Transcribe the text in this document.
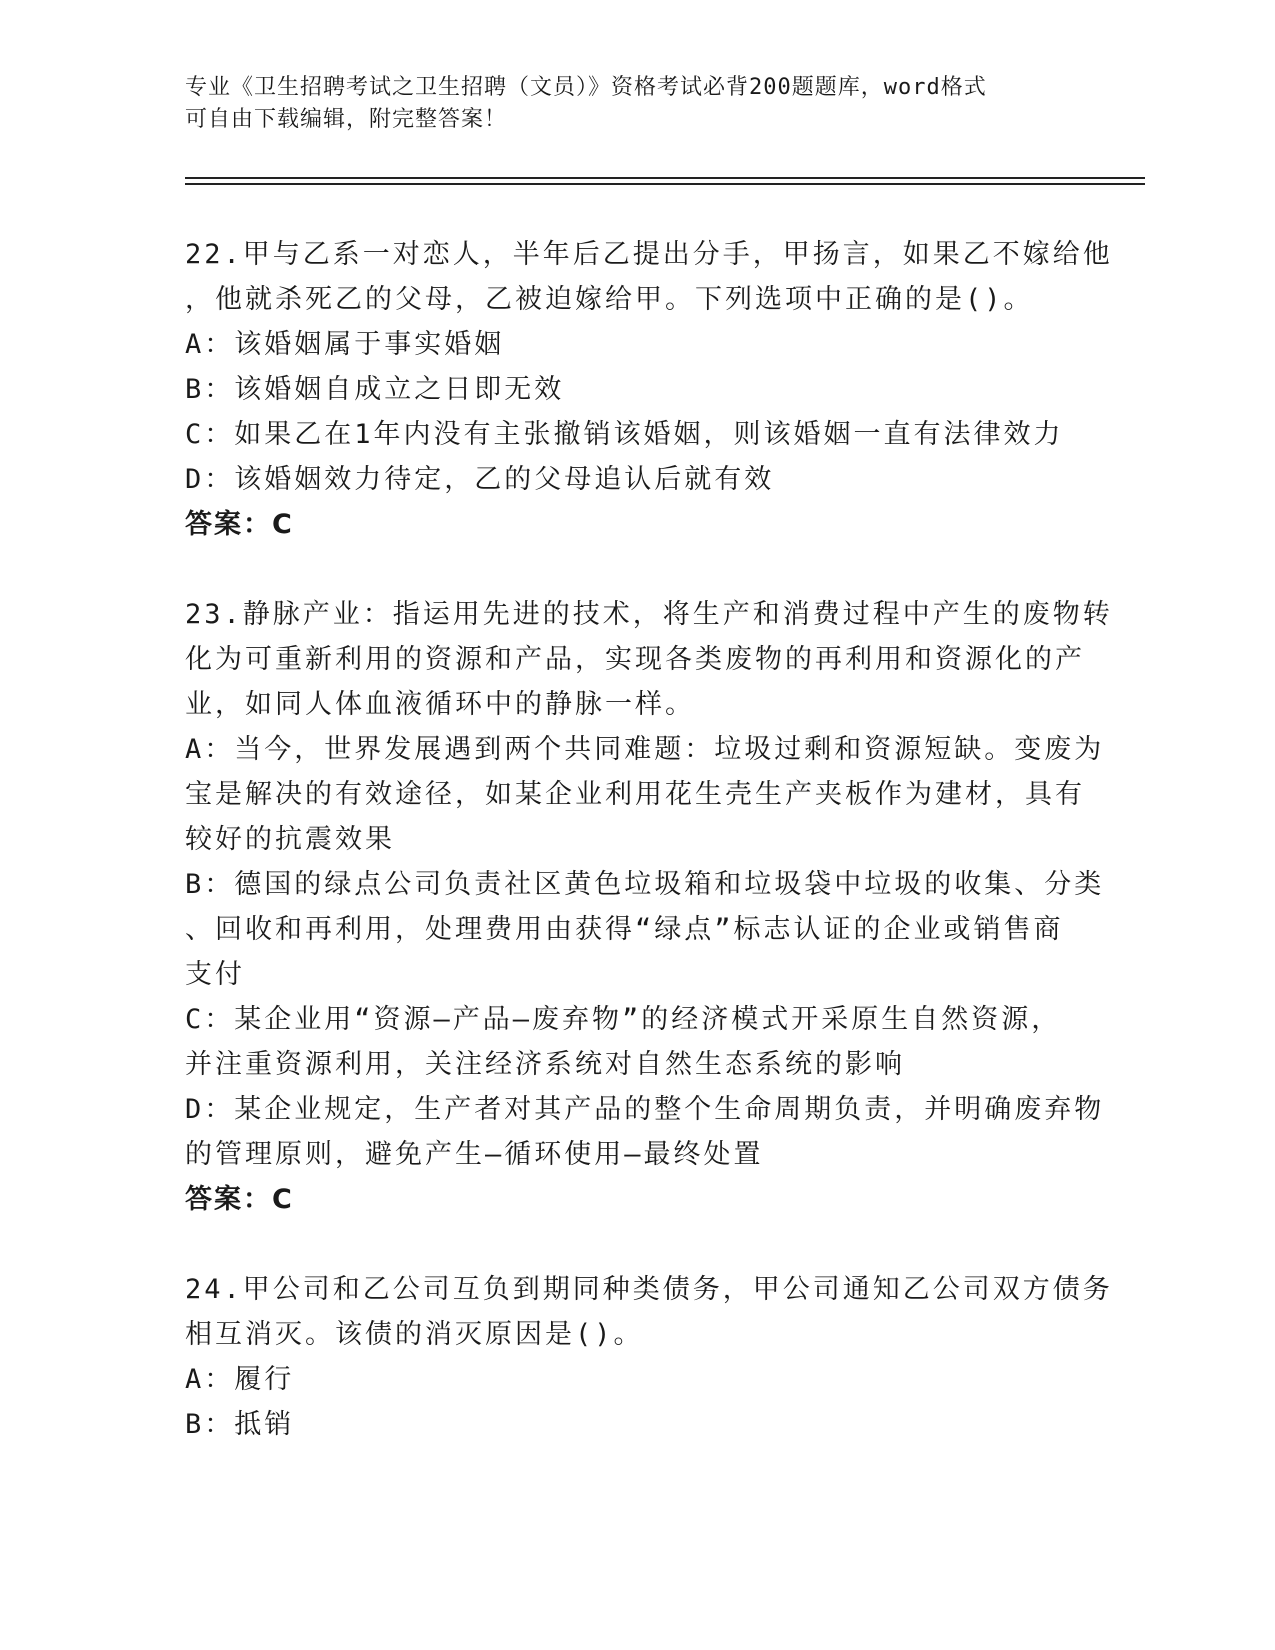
专业《卫生招聘考试之卫生招聘（文员）》资格考试必背200题题库，word格式
可自由下载编辑，附完整答案！
22.甲与乙系一对恋人，半年后乙提出分手，甲扬言，如果乙不嫁给他
，他就杀死乙的父母，乙被迫嫁给甲。下列选项中正确的是()。
A：该婚姻属于事实婚姻
B：该婚姻自成立之日即无效
C：如果乙在1年内没有主张撤销该婚姻，则该婚姻一直有法律效力
D：该婚姻效力待定，乙的父母追认后就有效
答案：C
23.静脉产业：指运用先进的技术，将生产和消费过程中产生的废物转
化为可重新利用的资源和产品，实现各类废物的再利用和资源化的产
业，如同人体血液循环中的静脉一样。
A：当今，世界发展遇到两个共同难题：垃圾过剩和资源短缺。变废为
宝是解决的有效途径，如某企业利用花生壳生产夹板作为建材，具有
较好的抗震效果
B：德国的绿点公司负责社区黄色垃圾箱和垃圾袋中垃圾的收集、分类
、回收和再利用，处理费用由获得“绿点”标志认证的企业或销售商
支付
C：某企业用“资源—产品—废弃物”的经济模式开采原生自然资源，
并注重资源利用，关注经济系统对自然生态系统的影响
D：某企业规定，生产者对其产品的整个生命周期负责，并明确废弃物
的管理原则，避免产生—循环使用—最终处置
答案：C
24.甲公司和乙公司互负到期同种类债务，甲公司通知乙公司双方债务
相互消灭。该债的消灭原因是()。
A：履行
B：抵销
